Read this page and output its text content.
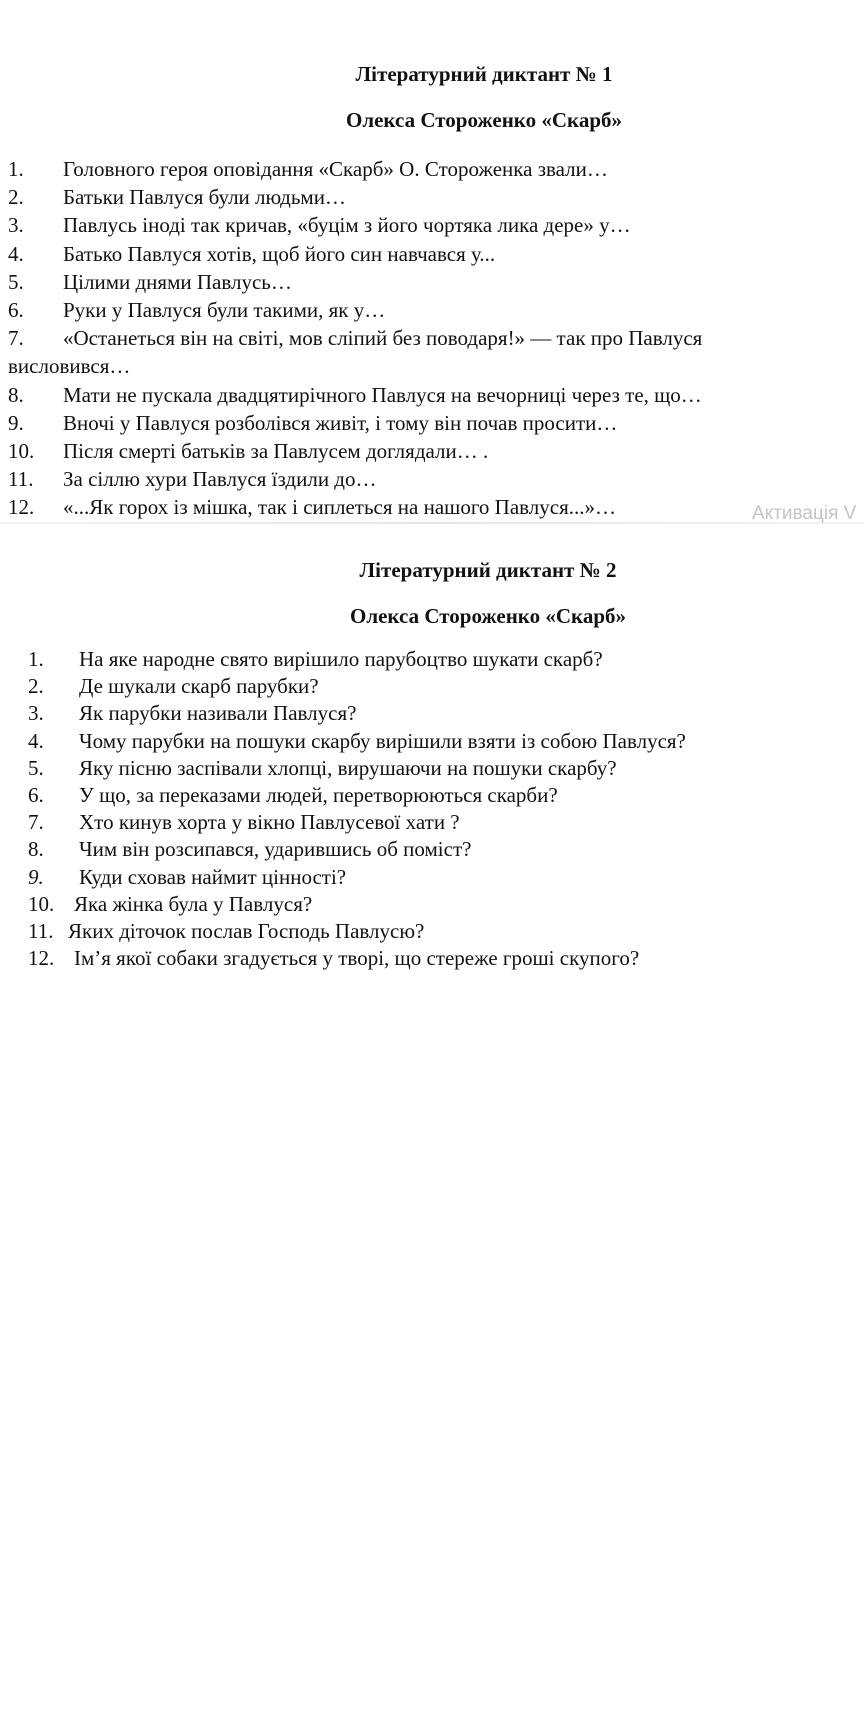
Літературний диктант № 1
Олекса Стороженко «Скарб»
1. Головного героя оповідання «Скарб» О. Стороженка звали…
2. Батьки Павлуся були людьми…
3. Павлусь іноді так кричав, «буцім з його чортяка лика дере» у…
4. Батько Павлуся хотів, щоб його син навчався у...
5. Цілими днями Павлусь…
6. Руки у Павлуся були такими, як у…
7. «Останеться він на світі, мов сліпий без поводаря!» — так про Павлуся
висловився…
8. Мати не пускала двадцятирічного Павлуся на вечорниці через те, що…
9. Вночі у Павлуся розболівся живіт, і тому він почав просити…
10. Після смерті батьків за Павлусем доглядали… .
11. За сіллю хури Павлуся їздили до…
12. «...Як горох із мішка, так і сиплеться на нашого Павлуся...»…	Активація V
Літературний диктант № 2
Олекса Стороженко «Скарб»
1. На яке народне свято вирішило парубоцтво шукати скарб?
2. Де шукали скарб парубки?
3. Як парубки називали Павлуся?
4. Чому парубки на пошуки скарбу вирішили взяти із собою Павлуся?
5. Яку пісню заспівали хлопці, вирушаючи на пошуки скарбу?
6. У що, за переказами людей, перетворюються скарби?
7. Хто кинув хорта у вікно Павлусевої хати ?
8. Чим він розсипався, ударившись об поміст?
9. Куди сховав наймит цінності?
10. Яка жінка була у Павлуся?
11. Яких діточок послав Господь Павлусю?
12. Ім’я якої собаки згадується у творі, що стереже гроші скупого?
